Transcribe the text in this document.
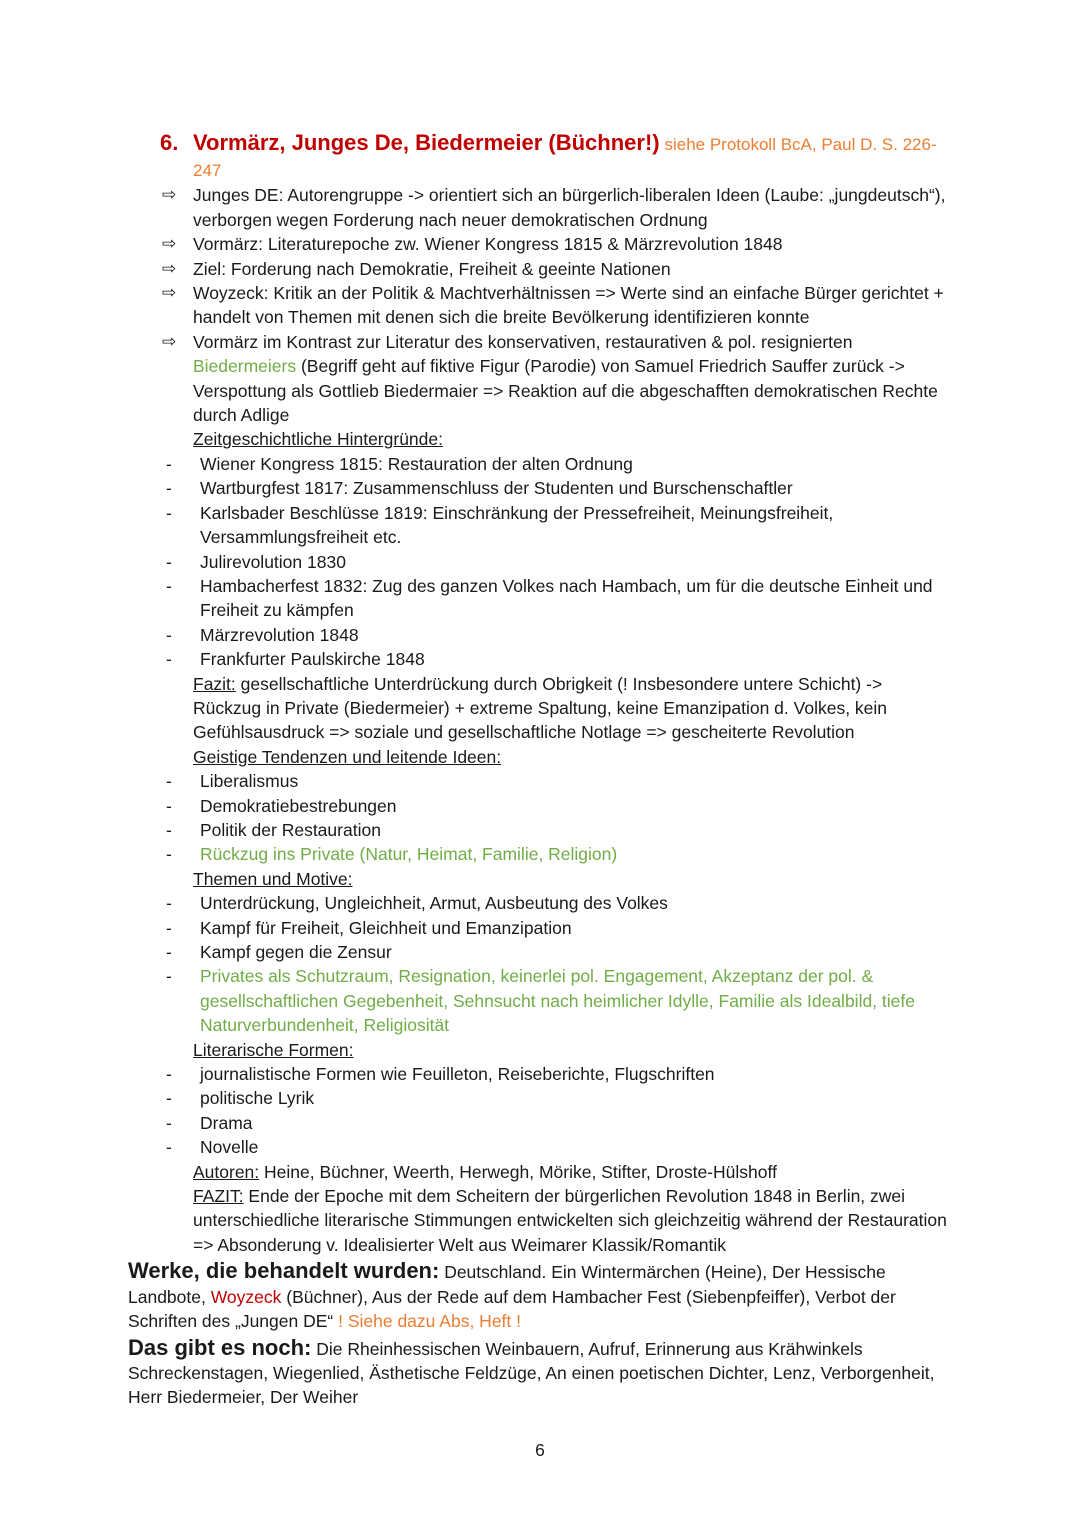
6. Vormärz, Junges De, Biedermeier (Büchner!) siehe Protokoll BcA, Paul D. S. 226-247
⇨ Junges DE: Autorengruppe -> orientiert sich an bürgerlich-liberalen Ideen (Laube: „jungdeutsch“), verborgen wegen Forderung nach neuer demokratischen Ordnung
⇨ Vormärz: Literaturepoche zw. Wiener Kongress 1815 & Märzrevolution 1848
⇨ Ziel: Forderung nach Demokratie, Freiheit & geeinte Nationen
⇨ Woyzeck: Kritik an der Politik & Machtverhältnissen => Werte sind an einfache Bürger gerichtet + handelt von Themen mit denen sich die breite Bevölkerung identifizieren konnte
⇨ Vormärz im Kontrast zur Literatur des konservativen, restaurativen & pol. resignierten Biedermeiers (Begriff geht auf fiktive Figur (Parodie) von Samuel Friedrich Sauffer zurück -> Verspottung als Gottlieb Biedermaier => Reaktion auf die abgeschafften demokratischen Rechte durch Adlige
Zeitgeschichtliche Hintergründe:
- Wiener Kongress 1815: Restauration der alten Ordnung
- Wartburgfest 1817: Zusammenschluss der Studenten und Burschenschaftler
- Karlsbader Beschlüsse 1819: Einschränkung der Pressefreiheit, Meinungsfreiheit, Versammlungsfreiheit etc.
- Julirevolution 1830
- Hambacherfest 1832: Zug des ganzen Volkes nach Hambach, um für die deutsche Einheit und Freiheit zu kämpfen
- Märzrevolution 1848
- Frankfurter Paulskirche 1848
Fazit: gesellschaftliche Unterdrückung durch Obrigkeit (! Insbesondere untere Schicht) -> Rückzug in Private (Biedermeier) + extreme Spaltung, keine Emanzipation d. Volkes, kein Gefühlsausdruck => soziale und gesellschaftliche Notlage => gescheiterte Revolution
Geistige Tendenzen und leitende Ideen:
- Liberalismus
- Demokratiebestrebungen
- Politik der Restauration
- Rückzug ins Private (Natur, Heimat, Familie, Religion)
Themen und Motive:
- Unterdrückung, Ungleichheit, Armut, Ausbeutung des Volkes
- Kampf für Freiheit, Gleichheit und Emanzipation
- Kampf gegen die Zensur
- Privates als Schutzraum, Resignation, keinerlei pol. Engagement, Akzeptanz der pol. & gesellschaftlichen Gegebenheit, Sehnsucht nach heimlicher Idylle, Familie als Idealbild, tiefe Naturverbundenheit, Religiosität
Literarische Formen:
- journalistische Formen wie Feuilleton, Reiseberichte, Flugschriften
- politische Lyrik
- Drama
- Novelle
Autoren: Heine, Büchner, Weerth, Herwegh, Mörike, Stifter, Droste-Hülshoff
FAZIT: Ende der Epoche mit dem Scheitern der bürgerlichen Revolution 1848 in Berlin, zwei unterschiedliche literarische Stimmungen entwickelten sich gleichzeitig während der Restauration => Absonderung v. Idealisierter Welt aus Weimarer Klassik/Romantik
Werke, die behandelt wurden: Deutschland. Ein Wintermärchen (Heine), Der Hessische Landbote, Woyzeck (Büchner), Aus der Rede auf dem Hambacher Fest (Siebenpfeiffer), Verbot der Schriften des „Jungen DE“ ! Siehe dazu Abs, Heft !
Das gibt es noch: Die Rheinhessischen Weinbauern, Aufruf, Erinnerung aus Krähwinkels Schreckenstagen, Wiegenlied, Ästhetische Feldzüge, An einen poetischen Dichter, Lenz, Verborgenheit, Herr Biedermeier, Der Weiher
6
